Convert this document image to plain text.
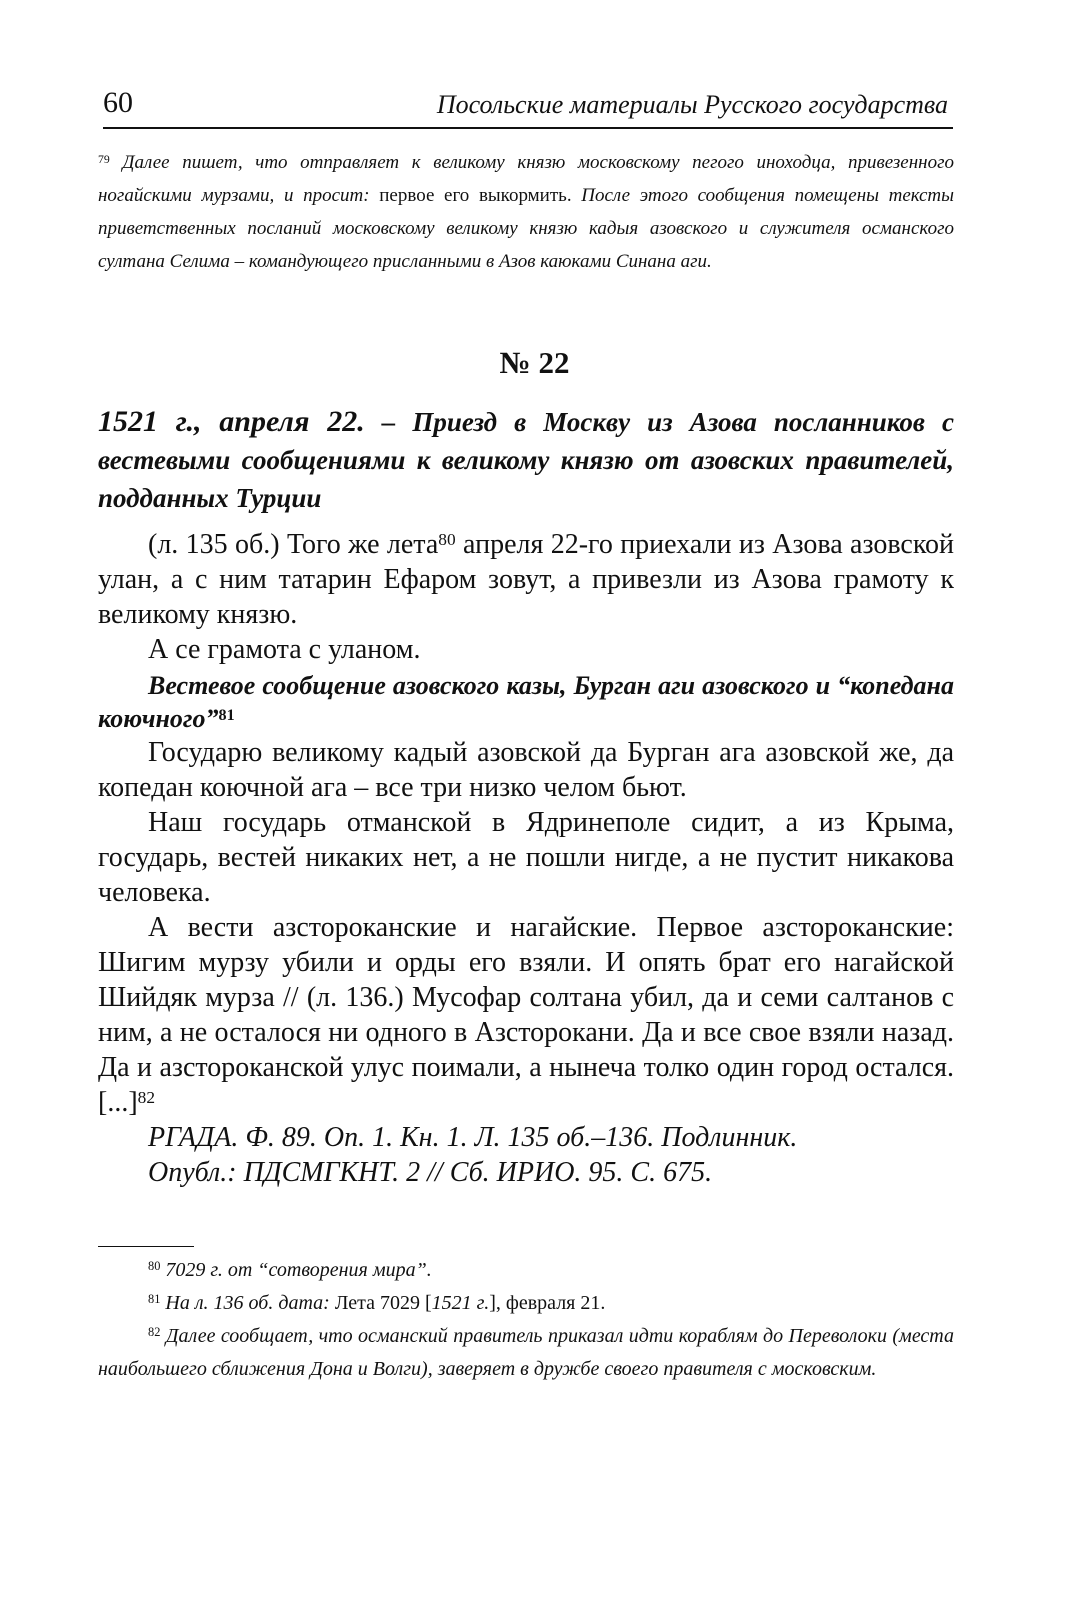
60	Посольские материалы Русского государства
$^{79}$ Далее пишет, что отправляет к великому князю московскому пегого иноходца, привезенного ногайскими мурзами, и просит: первое его выкормить. После этого сообщения помещены тексты приветственных посланий московскому великому князю кадыя азовского и служителя османского султана Селима – командующего присланными в Азов каюками Синана аги.
№ 22
1521 г., апреля 22. – Приезд в Москву из Азова посланников с вестевыми сообщениями к великому князю от азовских правителей, подданных Турции

(л. 135 об.) Того же лета$^{80}$ апреля 22-го приехали из Азова азовской улан, а с ним татарин Ефаром зовут, а привезли из Азова грамоту к великому князю.

А се грамота с уланом.

Вестевое сообщение азовского казы, Бурган аги азовского и “копедана коючного”$^{81}$

Государю великому кадый азовской да Бурган ага азовской же, да копедан коючной ага – все три низко челом бьют.

Наш государь отманской в Ядринеполе сидит, а из Крыма, государь, вестей никаких нет, а не пошли нигде, а не пустит никакова человека.

А вести азстороканские и нагайские. Первое азстороканские: Шигим мурзу убили и орды его взяли. И опять брат его нагайской Шийдяк мурза // (л. 136.) Мусофар солтана убил, да и семи салтанов с ним, а не осталося ни одного в Азсторокани. Да и все свое взяли назад. Да и азстороканской улус поимали, а нынеча толко один город остался. [...]$^{82}$

РГАДА. Ф. 89. Оп. 1. Кн. 1. Л. 135 об.–136. Подлинник.

Опубл.: ПДСМГКНТ. 2 // Сб. ИРИО. 95. С. 675.

$^{80}$ 7029 г. от “сотворения мира”.

$^{81}$ На л. 136 об. дата: Лета 7029 [1521 г.], февраля 21.

$^{82}$ Далее сообщает, что османский правитель приказал идти кораблям до Переволоки (места наибольшего сближения Дона и Волги), заверяет в дружбе своего правителя с московским.
